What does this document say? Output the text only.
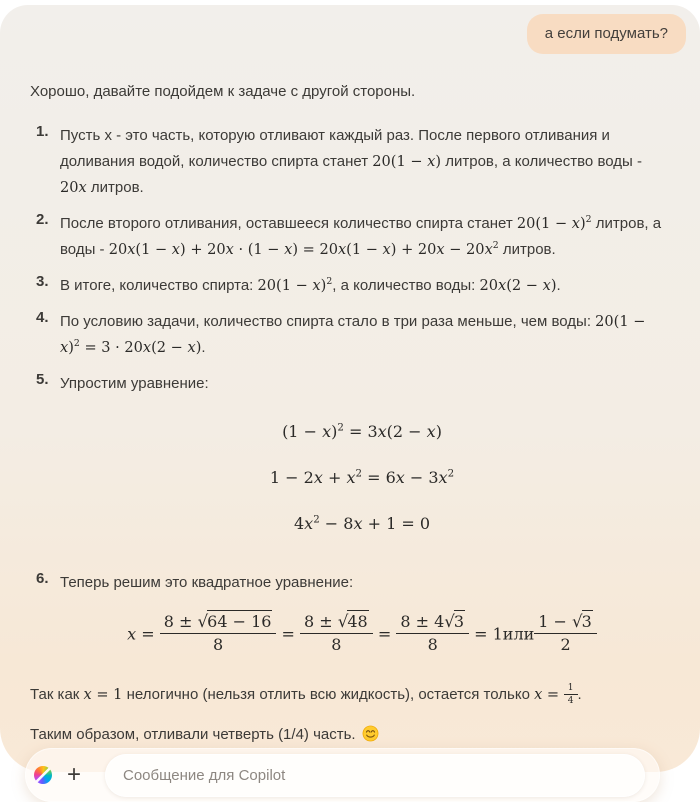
а если подумать?

Хорошо, давайте подойдем к задаче с другой стороны.

1. Пусть x - это часть, которую отливают каждый раз. После первого отливания и доливания водой, количество спирта станет 20(1 − x) литров, а количество воды - 20x литров.
2. После второго отливания, оставшееся количество спирта станет $20(1 - x)^2$ литров, а воды - $20x(1 - x) + 20x \cdot (1 - x) = 20x(1 - x) + 20x - 20x^2$ литров.
3. В итоге, количество спирта: $20(1 - x)^2$, а количество воды: 20x(2 − x).
4. По условию задачи, количество спирта стало в три раза меньше, чем воды: $20(1 - x)^2 = 3 \cdot 20x(2 - x)$.
5. Упростим уравнение:
$(1 - x)^2 = 3x(2 - x)$
$1 - 2x + x^2 = 6x - 3x^2$
$4x^2 - 8x + 1 = 0$
6. Теперь решим это квадратное уравнение:
$x = \frac{8 \pm √64 - 16}{8} = \frac{8 \pm √48}{8} = \frac{8 \pm 4√3}{8} = 1или \frac{1 - √3}{2}$

Так как x = 1 нелогично (нельзя отлить всю жидкость), остается только $x = \frac{1}{4}$ .

Таким образом, отливали четверть (1/4) часть.

+
Сообщение для Copilot
